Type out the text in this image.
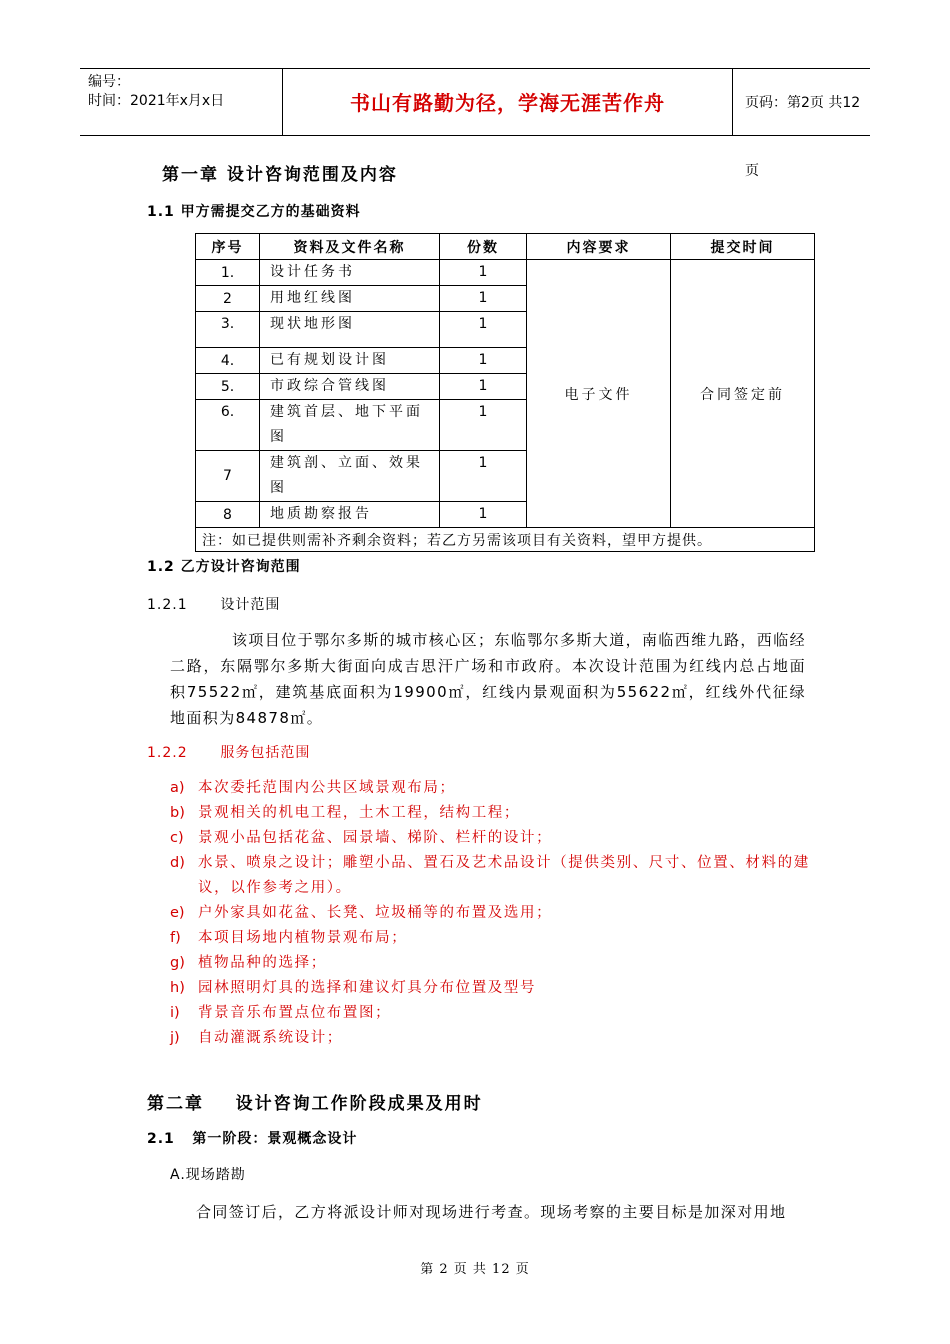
编号：
时间：2021年x月x日	书山有路勤为径，学海无涯苦作舟	页码：第2页 共12页
第一章 设计咨询范围及内容
1.1 甲方需提交乙方的基础资料
序号	资料及文件名称	份数	内容要求	提交时间
1.	设计任务书	1	电子文件	合同签定前
2	用地红线图	1		
3.	现状地形图	1		
4.	已有规划设计图	1		
5.	市政综合管线图	1		
6.	建筑首层、地下平面图	1		
7	建筑剖、立面、效果图	1		
8	地质勘察报告	1		
注：如已提供则需补齐剩余资料；若乙方另需该项目有关资料，望甲方提供。				
1.2 乙方设计咨询范围
1.2.1      设计范围
该项目位于鄂尔多斯的城市核心区；东临鄂尔多斯大道，南临西维九路，西临经二路，东隔鄂尔多斯大街面向成吉思汗广场和市政府。本次设计范围为红线内总占地面积75522㎡，建筑基底面积为19900㎡，红线内景观面积为55622㎡，红线外代征绿地面积为84878㎡。
1.2.2      服务包括范围
a) 本次委托范围内公共区域景观布局；
b) 景观相关的机电工程，土木工程，结构工程；
c) 景观小品包括花盆、园景墙、梯阶、栏杆的设计；
d) 水景、喷泉之设计；雕塑小品、置石及艺术品设计（提供类别、尺寸、位置、材料的建议，以作参考之用）。
e) 户外家具如花盆、长凳、垃圾桶等的布置及选用；
f)	本项目场地内植物景观布局；
g) 植物品种的选择；
h) 园林照明灯具的选择和建议灯具分布位置及型号
i)	背景音乐布置点位布置图；
j)	自动灌溉系统设计；
第二章    设计咨询工作阶段成果及用时
2.1   第一阶段：景观概念设计
A.现场踏勘
合同签订后，乙方将派设计师对现场进行考查。现场考察的主要目标是加深对用地
第 2 页 共 12 页
